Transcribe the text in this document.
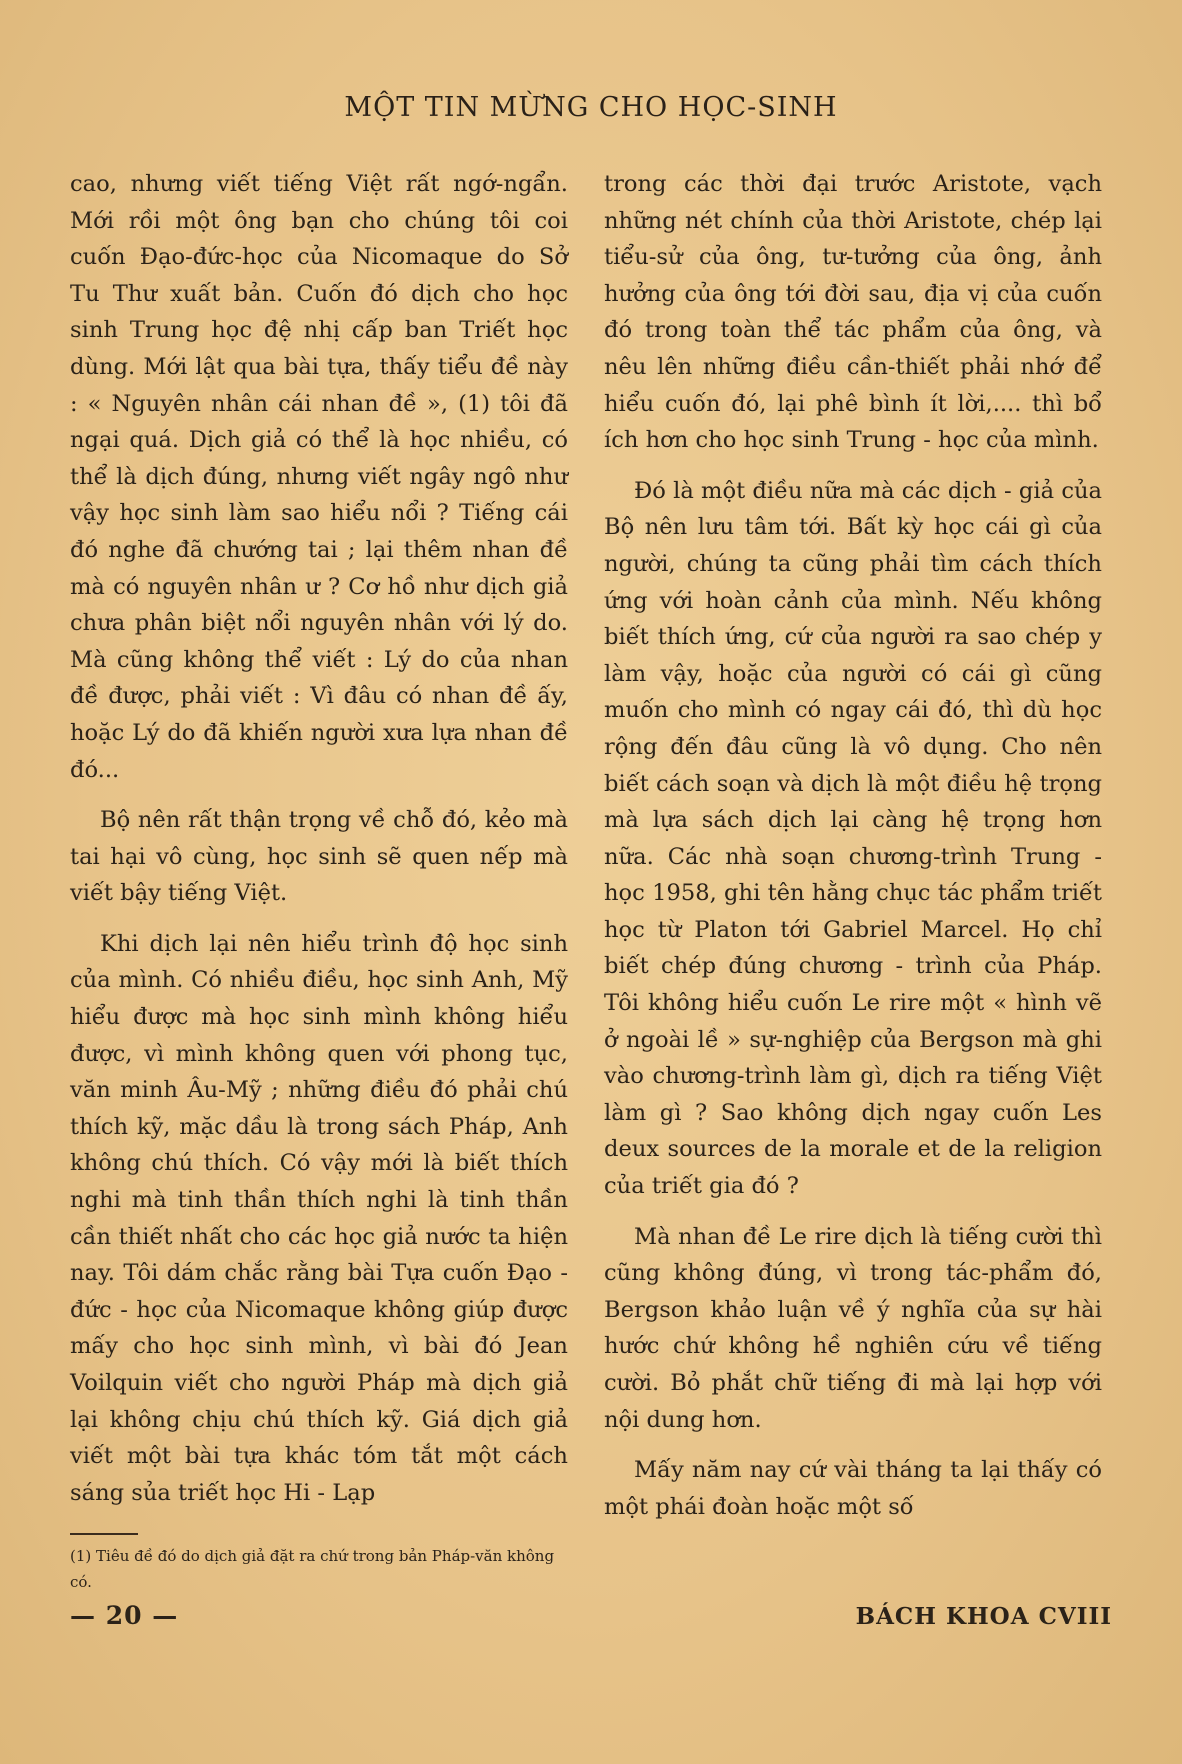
MỘT TIN MỪNG CHO HỌC-SINH

cao, nhưng viết tiếng Việt rất ngớ-ngẩn. Mới rồi một ông bạn cho chúng tôi coi cuốn Đạo-đức-học của Nicomaque do Sở Tu Thư xuất bản. Cuốn đó dịch cho học sinh Trung học đệ nhị cấp ban Triết học dùng. Mới lật qua bài tựa, thấy tiểu đề này : « Nguyên nhân cái nhan đề », (1) tôi đã ngại quá. Dịch giả có thể là học nhiều, có thể là dịch đúng, nhưng viết ngây ngô như vậy học sinh làm sao hiểu nổi ? Tiếng cái đó nghe đã chướng tai ; lại thêm nhan đề mà có nguyên nhân ư ? Cơ hồ như dịch giả chưa phân biệt nổi nguyên nhân với lý do. Mà cũng không thể viết : Lý do của nhan đề được, phải viết : Vì đâu có nhan đề ấy, hoặc Lý do đã khiến người xưa lựa nhan đề đó...

Bộ nên rất thận trọng về chỗ đó, kẻo mà tai hại vô cùng, học sinh sẽ quen nếp mà viết bậy tiếng Việt.

Khi dịch lại nên hiểu trình độ học sinh của mình. Có nhiều điều, học sinh Anh, Mỹ hiểu được mà học sinh mình không hiểu được, vì mình không quen với phong tục, văn minh Âu-Mỹ ; những điều đó phải chú thích kỹ, mặc dầu là trong sách Pháp, Anh không chú thích. Có vậy mới là biết thích nghi mà tinh thần thích nghi là tinh thần cần thiết nhất cho các học giả nước ta hiện nay. Tôi dám chắc rằng bài Tựa cuốn Đạo - đức - học của Nicomaque không giúp được mấy cho học sinh mình, vì bài đó Jean Voilquin viết cho người Pháp mà dịch giả lại không chịu chú thích kỹ. Giá dịch giả viết một bài tựa khác tóm tắt một cách sáng sủa triết học Hi - Lạp

(1) Tiêu đề đó do dịch giả đặt ra chứ trong bản Pháp-văn không có.

trong các thời đại trước Aristote, vạch những nét chính của thời Aristote, chép lại tiểu-sử của ông, tư-tưởng của ông, ảnh hưởng của ông tới đời sau, địa vị của cuốn đó trong toàn thể tác phẩm của ông, và nêu lên những điều cần-thiết phải nhớ để hiểu cuốn đó, lại phê bình ít lời,.... thì bổ ích hơn cho học sinh Trung - học của mình.

Đó là một điều nữa mà các dịch - giả của Bộ nên lưu tâm tới. Bất kỳ học cái gì của người, chúng ta cũng phải tìm cách thích ứng với hoàn cảnh của mình. Nếu không biết thích ứng, cứ của người ra sao chép y làm vậy, hoặc của người có cái gì cũng muốn cho mình có ngay cái đó, thì dù học rộng đến đâu cũng là vô dụng. Cho nên biết cách soạn và dịch là một điều hệ trọng mà lựa sách dịch lại càng hệ trọng hơn nữa. Các nhà soạn chương-trình Trung - học 1958, ghi tên hằng chục tác phẩm triết học từ Platon tới Gabriel Marcel. Họ chỉ biết chép đúng chương - trình của Pháp. Tôi không hiểu cuốn Le rire một « hình vẽ ở ngoài lề » sự-nghiệp của Bergson mà ghi vào chương-trình làm gì, dịch ra tiếng Việt làm gì ? Sao không dịch ngay cuốn Les deux sources de la morale et de la religion của triết gia đó ?

Mà nhan đề Le rire dịch là tiếng cười thì cũng không đúng, vì trong tác-phẩm đó, Bergson khảo luận về ý nghĩa của sự hài hước chứ không hề nghiên cứu về tiếng cười. Bỏ phắt chữ tiếng đi mà lại hợp với nội dung hơn.

Mấy năm nay cứ vài tháng ta lại thấy có một phái đoàn hoặc một số

— 20 —	BÁCH KHOA CVIII
